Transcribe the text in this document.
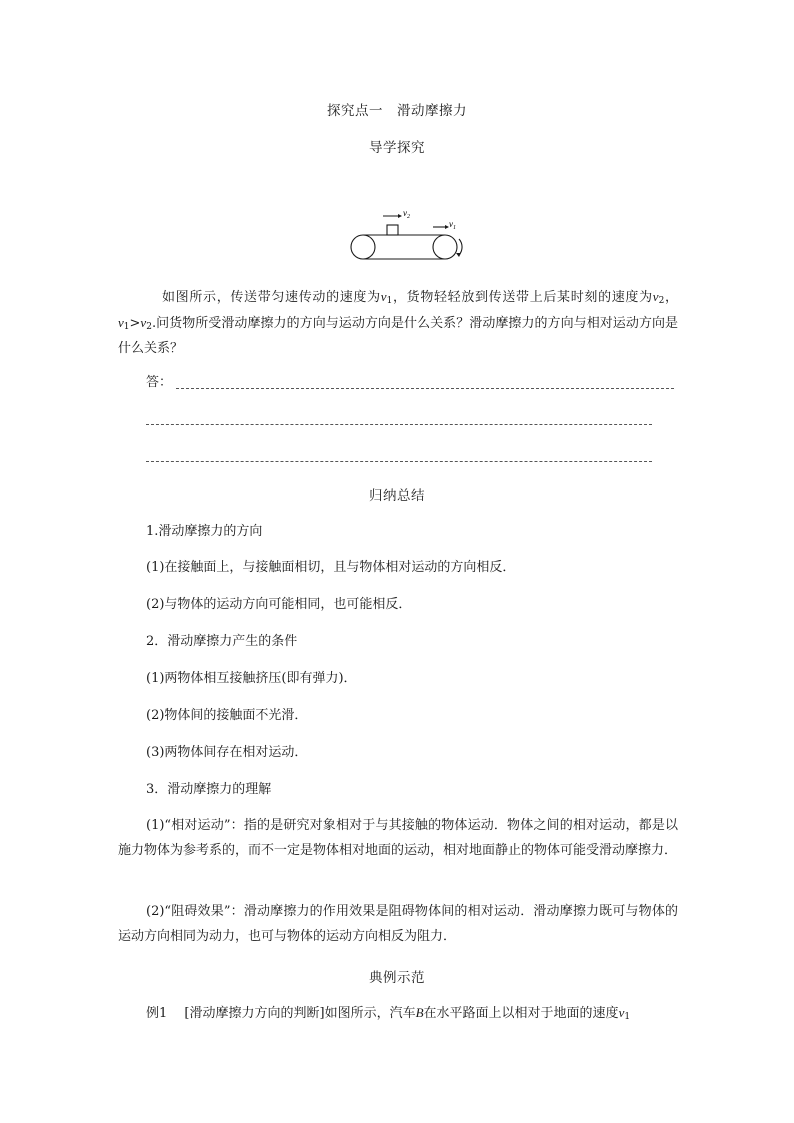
探究点一　滑动摩擦力
导学探究
$v_2$
$v_1$

如图所示，传送带匀速传动的速度为$v_1$，货物轻轻放到传送带上后某时刻的速度为$v_2$，$v_1>v_2$.问货物所受滑动摩擦力的方向与运动方向是什么关系？滑动摩擦力的方向与相对运动方向是什么关系？

答：
归纳总结
1.滑动摩擦力的方向
(1)在接触面上，与接触面相切，且与物体相对运动的方向相反．
(2)与物体的运动方向可能相同，也可能相反．
2．滑动摩擦力产生的条件
(1)两物体相互接触挤压(即有弹力)．
(2)物体间的接触面不光滑．
(3)两物体间存在相对运动．
3．滑动摩擦力的理解

(1)“相对运动”：指的是研究对象相对于与其接触的物体运动．物体之间的相对运动，都是以施力物体为参考系的，而不一定是物体相对地面的运动，相对地面静止的物体可能受滑动摩擦力．

(2)“阻碍效果”：滑动摩擦力的作用效果是阻碍物体间的相对运动．滑动摩擦力既可与物体的运动方向相同为动力，也可与物体的运动方向相反为阻力．

典例示范
例1　 [滑动摩擦力方向的判断]如图所示，汽车B在水平路面上以相对于地面的速度$v_1$
